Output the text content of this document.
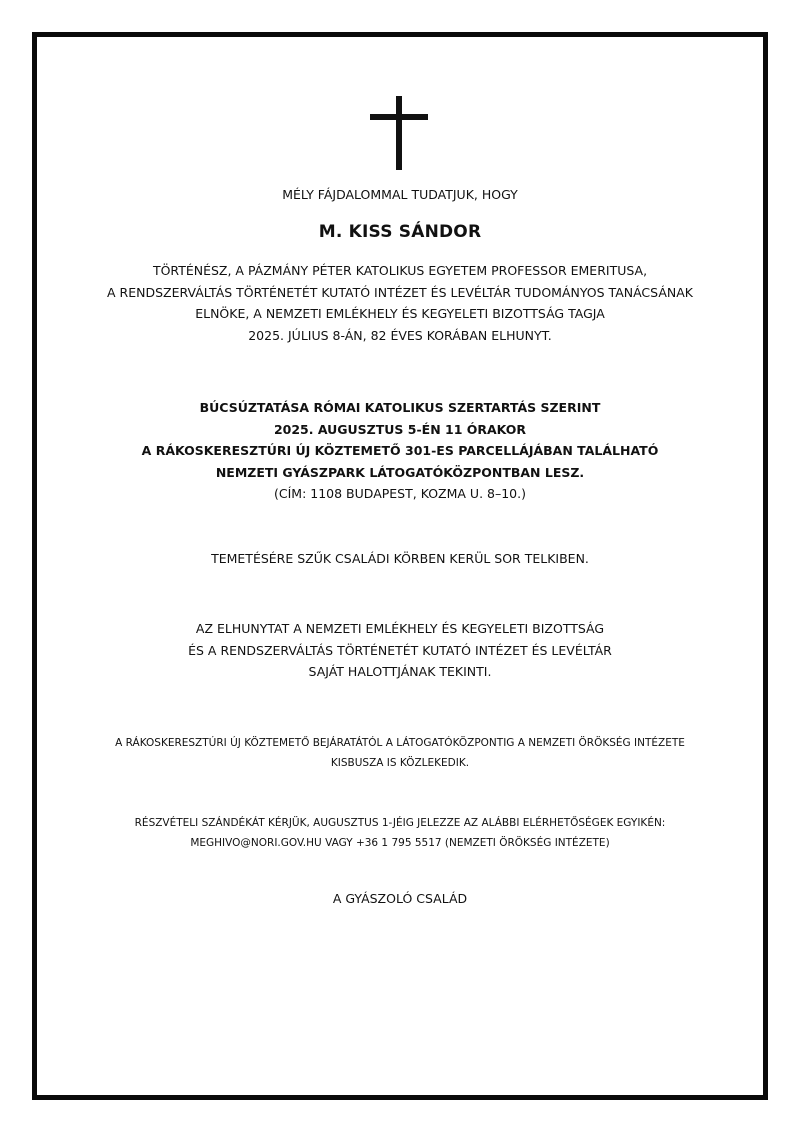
MÉLY FÁJDALOMMAL TUDATJUK, HOGY
M. KISS SÁNDOR
TÖRTÉNÉSZ, A PÁZMÁNY PÉTER KATOLIKUS EGYETEM PROFESSOR EMERITUSA,
A RENDSZERVÁLTÁS TÖRTÉNETÉT KUTATÓ INTÉZET ÉS LEVÉLTÁR TUDOMÁNYOS TANÁCSÁNAK
ELNÖKE, A NEMZETI EMLÉKHELY ÉS KEGYELETI BIZOTTSÁG TAGJA
2025. JÚLIUS 8-ÁN, 82 ÉVES KORÁBAN ELHUNYT.
BÚCSÚZTATÁSA RÓMAI KATOLIKUS SZERTARTÁS SZERINT
2025. AUGUSZTUS 5-ÉN 11 ÓRAKOR
A RÁKOSKERESZTÚRI ÚJ KÖZTEMETŐ 301-ES PARCELLÁJÁBAN TALÁLHATÓ
NEMZETI GYÁSZPARK LÁTOGATÓKÖZPONTBAN LESZ.
(CÍM: 1108 BUDAPEST, KOZMA U. 8–10.)
TEMETÉSÉRE SZŰK CSALÁDI KÖRBEN KERÜL SOR TELKIBEN.
AZ ELHUNYTAT A NEMZETI EMLÉKHELY ÉS KEGYELETI BIZOTTSÁG
ÉS A RENDSZERVÁLTÁS TÖRTÉNETÉT KUTATÓ INTÉZET ÉS LEVÉLTÁR
SAJÁT HALOTTJÁNAK TEKINTI.
A RÁKOSKERESZTÚRI ÚJ KÖZTEMETŐ BEJÁRATÁTÓL A LÁTOGATÓKÖZPONTIG A NEMZETI ÖRÖKSÉG INTÉZETE
KISBUSZA IS KÖZLEKEDIK.
RÉSZVÉTELI SZÁNDÉKÁT KÉRJÜK, AUGUSZTUS 1-JÉIG JELEZZE AZ ALÁBBI ELÉRHETŐSÉGEK EGYIKÉN:
MEGHIVO@NORI.GOV.HU VAGY +36 1 795 5517 (NEMZETI ÖRÖKSÉG INTÉZETE)
A GYÁSZOLÓ CSALÁD
